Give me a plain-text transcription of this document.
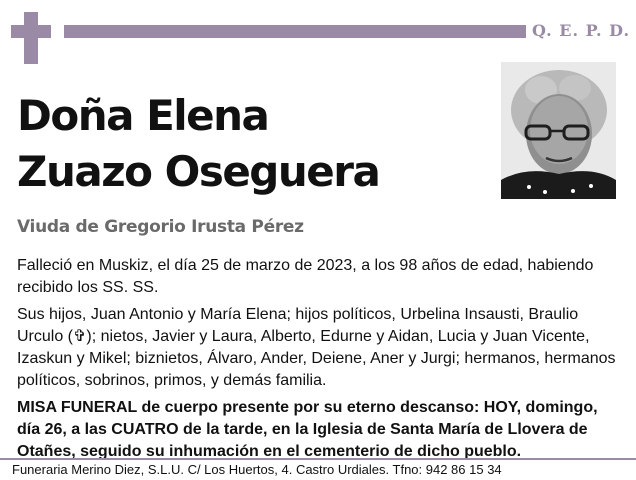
Q. E. P. D.
Doña Elena
Zuazo Oseguera
Viuda de Gregorio Irusta Pérez

Falleció en Muskiz, el día 25 de marzo de 2023, a los 98 años de edad, habiendo recibido los SS. SS.

Sus hijos, Juan Antonio y María Elena; hijos políticos, Urbelina Insausti, Braulio Urculo (✞); nietos, Javier y Laura, Alberto, Edurne y Aidan, Lucia y Juan Vicente, Izaskun y Mikel; biznietos, Álvaro, Ander, Deiene, Aner y Jurgi; hermanos, hermanos políticos, sobrinos, primos, y demás familia.

MISA FUNERAL de cuerpo presente por su eterno descanso: HOY, domingo, día 26, a las CUATRO de la tarde, en la Iglesia de Santa María de Llovera de Otañes, seguido su inhumación en el cementerio de dicho pueblo.

Funeraria Merino Diez, S.L.U. C/ Los Huertos, 4. Castro Urdiales. Tfno: 942 86 15 34
